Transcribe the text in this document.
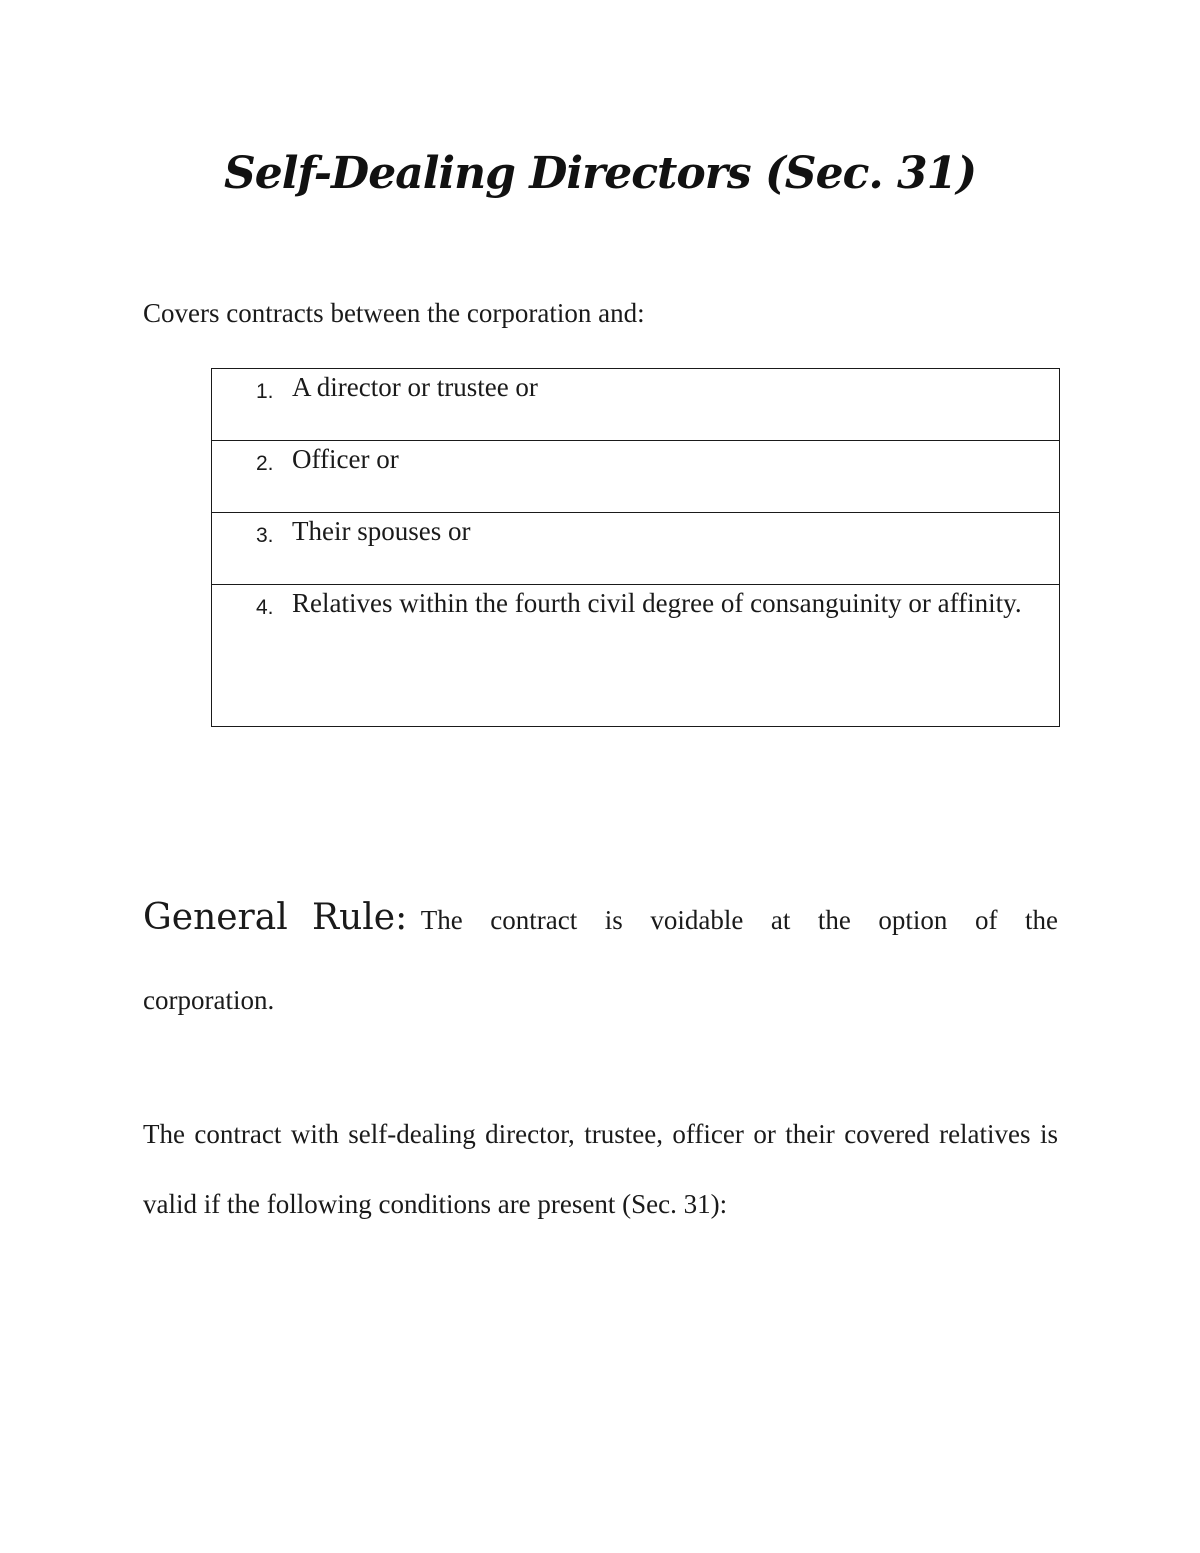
Self-Dealing Directors (Sec. 31)

Covers contracts between the corporation and:

1. A director or trustee or

2. Officer or

3. Their spouses or

4. Relatives within the fourth civil degree of consanguinity or affinity.

General Rule: The contract is voidable at the option of the corporation.

The contract with self-dealing director, trustee, officer or their covered relatives is valid if the following conditions are present (Sec. 31):
